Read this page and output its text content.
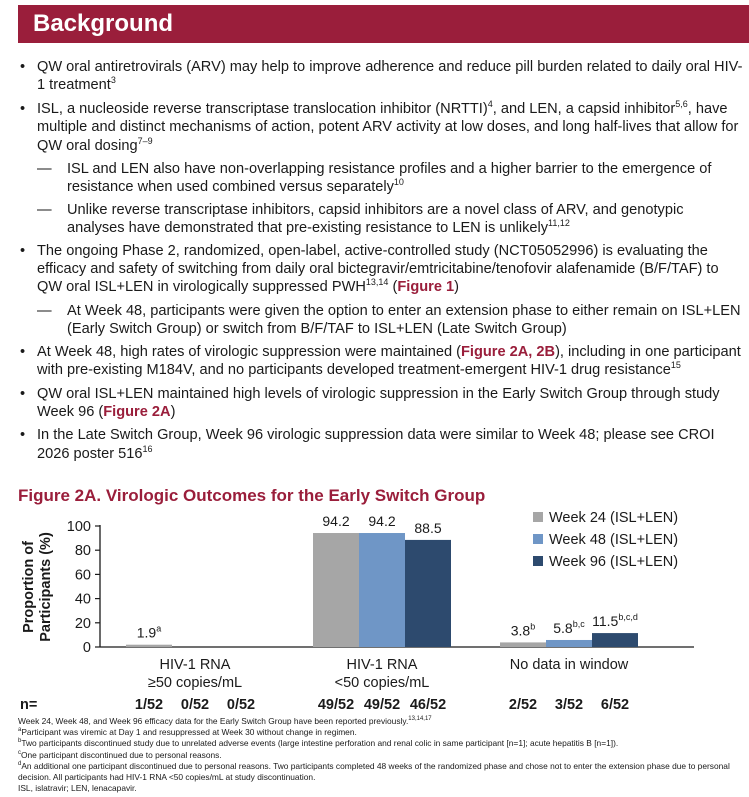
Background
• QW oral antiretrovirals (ARV) may help to improve adherence and reduce pill burden related to daily oral HIV-1 treatment$^3$
• ISL, a nucleoside reverse transcriptase translocation inhibitor (NRTTI)$^4$, and LEN, a capsid inhibitor$^{5,6}$, have multiple and distinct mechanisms of action, potent ARV activity at low doses, and long half-lives that allow for QW oral dosing$^{7-9}$
— ISL and LEN also have non-overlapping resistance profiles and a higher barrier to the emergence of resistance when used combined versus separately$^{10}$
— Unlike reverse transcriptase inhibitors, capsid inhibitors are a novel class of ARV, and genotypic analyses have demonstrated that pre-existing resistance to LEN is unlikely$^{11,12}$
• The ongoing Phase 2, randomized, open-label, active-controlled study (NCT05052996) is evaluating the efficacy and safety of switching from daily oral bictegravir/emtricitabine/tenofovir alafenamide (B/F/TAF) to QW oral ISL+LEN in virologically suppressed PWH$^{13,14}$ (Figure 1)
— At Week 48, participants were given the option to enter an extension phase to either remain on ISL+LEN (Early Switch Group) or switch from B/F/TAF to ISL+LEN (Late Switch Group)
• At Week 48, high rates of virologic suppression were maintained (Figure 2A, 2B), including in one participant with pre-existing M184V, and no participants developed treatment-emergent HIV-1 drug resistance$^{15}$
• QW oral ISL+LEN maintained high levels of virologic suppression in the Early Switch Group through study Week 96 (Figure 2A)
• In the Late Switch Group, Week 96 virologic suppression data were similar to Week 48; please see CROI 2026 poster $516^{16}$
Figure 2A. Virologic Outcomes for the Early Switch Group
Proportion ofParticipants (%)
0
20
40
60
80
100
1.9$^a$
1/52
94.2
49/52
3.8$^b$
2/52
0/52
94.2
49/52
5.8$^{b,c}$
3/52
0/52
88.5
46/52
11.5$^{b,c,d}$
6/52
HIV-1 RNA
≥50 copies/mL
HIV-1 RNA
<50 copies/mL
No data in window
n=
Week 24 (ISL+LEN)
Week 48 (ISL+LEN)
Week 96 (ISL+LEN)
Week 24, Week 48, and Week 96 efficacy data for the Early Switch Group have been reported previously.$^{13,14,17}$
$^a$Participant was viremic at Day 1 and resuppressed at Week 30 without change in regimen.
$^b$Two participants discontinued study due to unrelated adverse events (large intestine perforation and renal colic in same participant [n=1]; acute hepatitis B [n=1]).
$^c$One participant discontinued due to personal reasons.
$^d$An additional one participant discontinued due to personal reasons. Two participants completed 48 weeks of the randomized phase and chose not to enter the extension phase due to personal decision. All participants had HIV-1 RNA <50 copies/mL at study discontinuation.
ISL, islatravir; LEN, lenacapavir.
